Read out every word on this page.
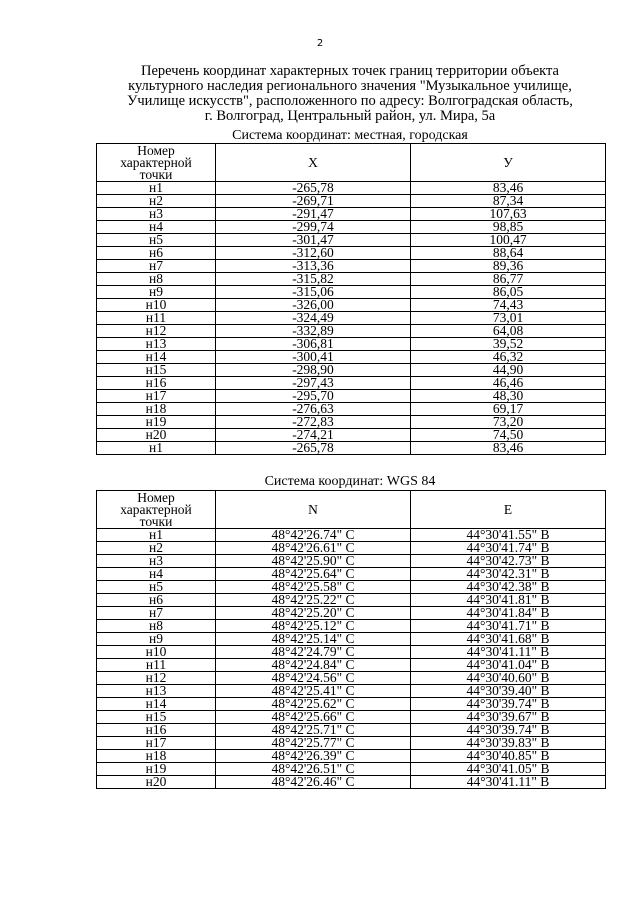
2
Перечень координат характерных точек границ территории объекта
культурного наследия регионального значения "Музыкальное училище,
Училище искусств", расположенного по адресу: Волгоградская область,
г. Волгоград, Центральный район, ул. Мира, 5а
Система координат: местная, городская
Номер
характерной
точки	X	У
н1	-265,78	83,46
н2	-269,71	87,34
н3	-291,47	107,63
н4	-299,74	98,85
н5	-301,47	100,47
н6	-312,60	88,64
н7	-313,36	89,36
н8	-315,82	86,77
н9	-315,06	86,05
н10	-326,00	74,43
н11	-324,49	73,01
н12	-332,89	64,08
н13	-306,81	39,52
н14	-300,41	46,32
н15	-298,90	44,90
н16	-297,43	46,46
н17	-295,70	48,30
н18	-276,63	69,17
н19	-272,83	73,20
н20	-274,21	74,50
н1	-265,78	83,46
Система координат: WGS 84
Номер
характерной
точки	N	E
н1	48°42'26.74" С	44°30'41.55" В
н2	48°42'26.61" С	44°30'41.74" В
н3	48°42'25.90" С	44°30'42.73" В
н4	48°42'25.64" С	44°30'42.31" В
н5	48°42'25.58" С	44°30'42.38" В
н6	48°42'25.22" С	44°30'41.81" В
н7	48°42'25.20" С	44°30'41.84" В
н8	48°42'25.12" С	44°30'41.71" В
н9	48°42'25.14" С	44°30'41.68" В
н10	48°42'24.79" С	44°30'41.11" В
н11	48°42'24.84" С	44°30'41.04" В
н12	48°42'24.56" С	44°30'40.60" В
н13	48°42'25.41" С	44°30'39.40" В
н14	48°42'25.62" С	44°30'39.74" В
н15	48°42'25.66" С	44°30'39.67" В
н16	48°42'25.71" С	44°30'39.74" В
н17	48°42'25.77" С	44°30'39.83" В
н18	48°42'26.39" С	44°30'40.85" В
н19	48°42'26.51" С	44°30'41.05" В
н20	48°42'26.46" С	44°30'41.11" В
